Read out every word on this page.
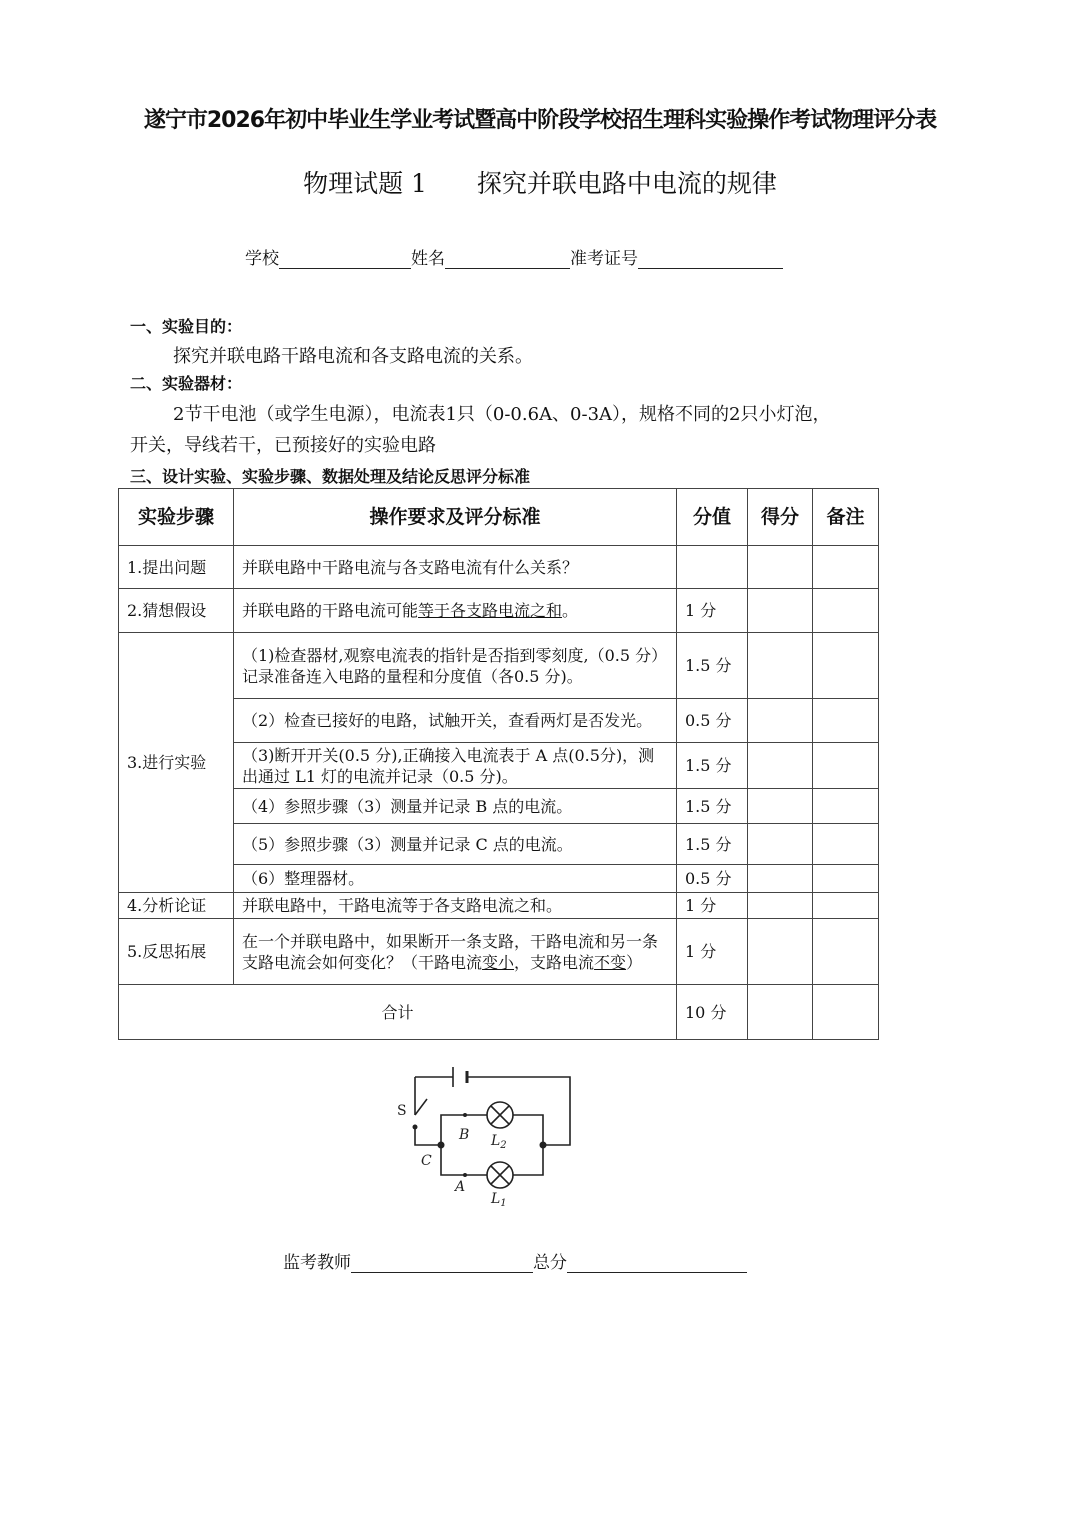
遂宁市2026年初中毕业生学业考试暨高中阶段学校招生理科实验操作考试物理评分表
物理试题 1　　探究并联电路中电流的规律
学校	姓名	准考证号
一、实验目的：
探究并联电路干路电流和各支路电流的关系。
二、实验器材：
2节干电池（或学生电源），电流表1只（0-0.6A、0-3A），规格不同的2只小灯泡，
开关，导线若干，已预接好的实验电路
三、设计实验、实验步骤、数据处理及结论反思评分标准
实验步骤	操作要求及评分标准	分值	得分	备注
1.提出问题	并联电路中干路电流与各支路电流有什么关系？			
2.猜想假设	并联电路的干路电流可能等于各支路电流之和。	1 分		
3.进行实验	（1)检查器材,观察电流表的指针是否指到零刻度,（0.5 分）记录准备连入电路的量程和分度值（各0.5 分)。	1.5 分		
	（2）检查已接好的电路，试触开关，查看两灯是否发光。	0.5 分		
	（3)断开开关(0.5 分),正确接入电流表于 A 点(0.5分)，测出通过 L1 灯的电流并记录（0.5 分)。	1.5 分		
	（4）参照步骤（3）测量并记录 B 点的电流。	1.5 分		
	（5）参照步骤（3）测量并记录 C 点的电流。	1.5 分		
	（6）整理器材。	0.5 分		
4.分析论证	并联电路中，干路电流等于各支路电流之和。	1 分		
5.反思拓展	在一个并联电路中，如果断开一条支路，干路电流和另一条支路电流会如何变化？（干路电流变小，支路电流不变）	1 分		
合计		10 分		
S
B
C
A
$L_2$
$L_1$
监考教师	总分
